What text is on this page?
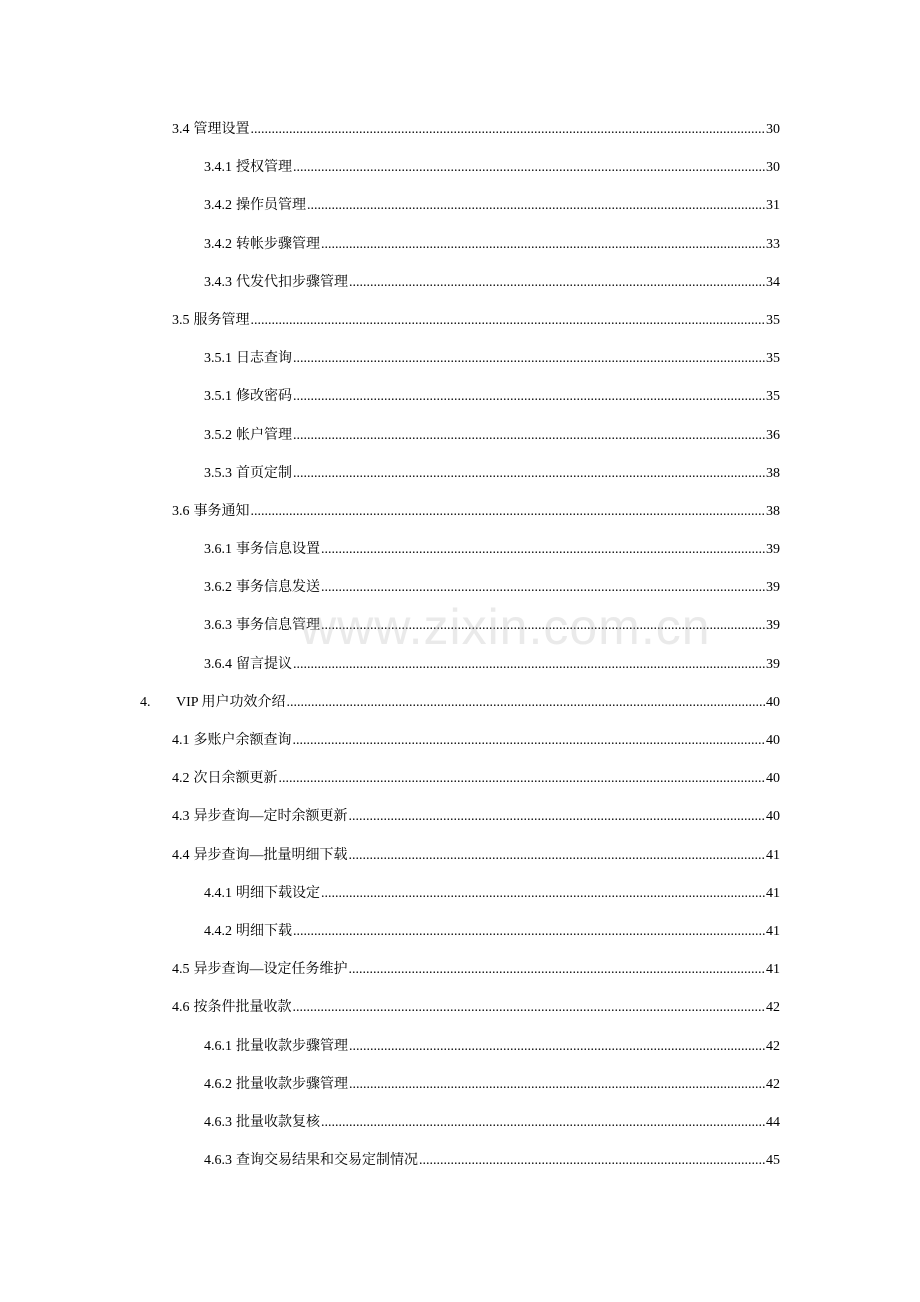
3.4 管理设置 .....	30
3.4.1 授权管理 .....	30
3.4.2 操作员管理 .....	31
3.4.2 转帐步骤管理 .....	33
3.4.3 代发代扣步骤管理 .....	34
3.5 服务管理 .....	35
3.5.1 日志查询 .....	35
3.5.1 修改密码 .....	35
3.5.2 帐户管理 .....	36
3.5.3 首页定制 .....	38
3.6 事务通知 .....	38
3.6.1 事务信息设置 .....	39
3.6.2 事务信息发送 .....	39
3.6.3 事务信息管理 .....	39
3.6.4 留言提议 .....	39
4.	VIP 用户功效介绍 .....	40
4.1 多账户余额查询 .....	40
4.2 次日余额更新 .....	40
4.3 异步查询—定时余额更新 .....	40
4.4 异步查询—批量明细下载 .....	41
4.4.1 明细下载设定 .....	41
4.4.2 明细下载 .....	41
4.5 异步查询—设定任务维护 .....	41
4.6 按条件批量收款 .....	42
4.6.1 批量收款步骤管理 .....	42
4.6.2 批量收款步骤管理 .....	42
4.6.3 批量收款复核 .....	44
4.6.3 查询交易结果和交易定制情况 .....	45
www.zixin.com.cn
